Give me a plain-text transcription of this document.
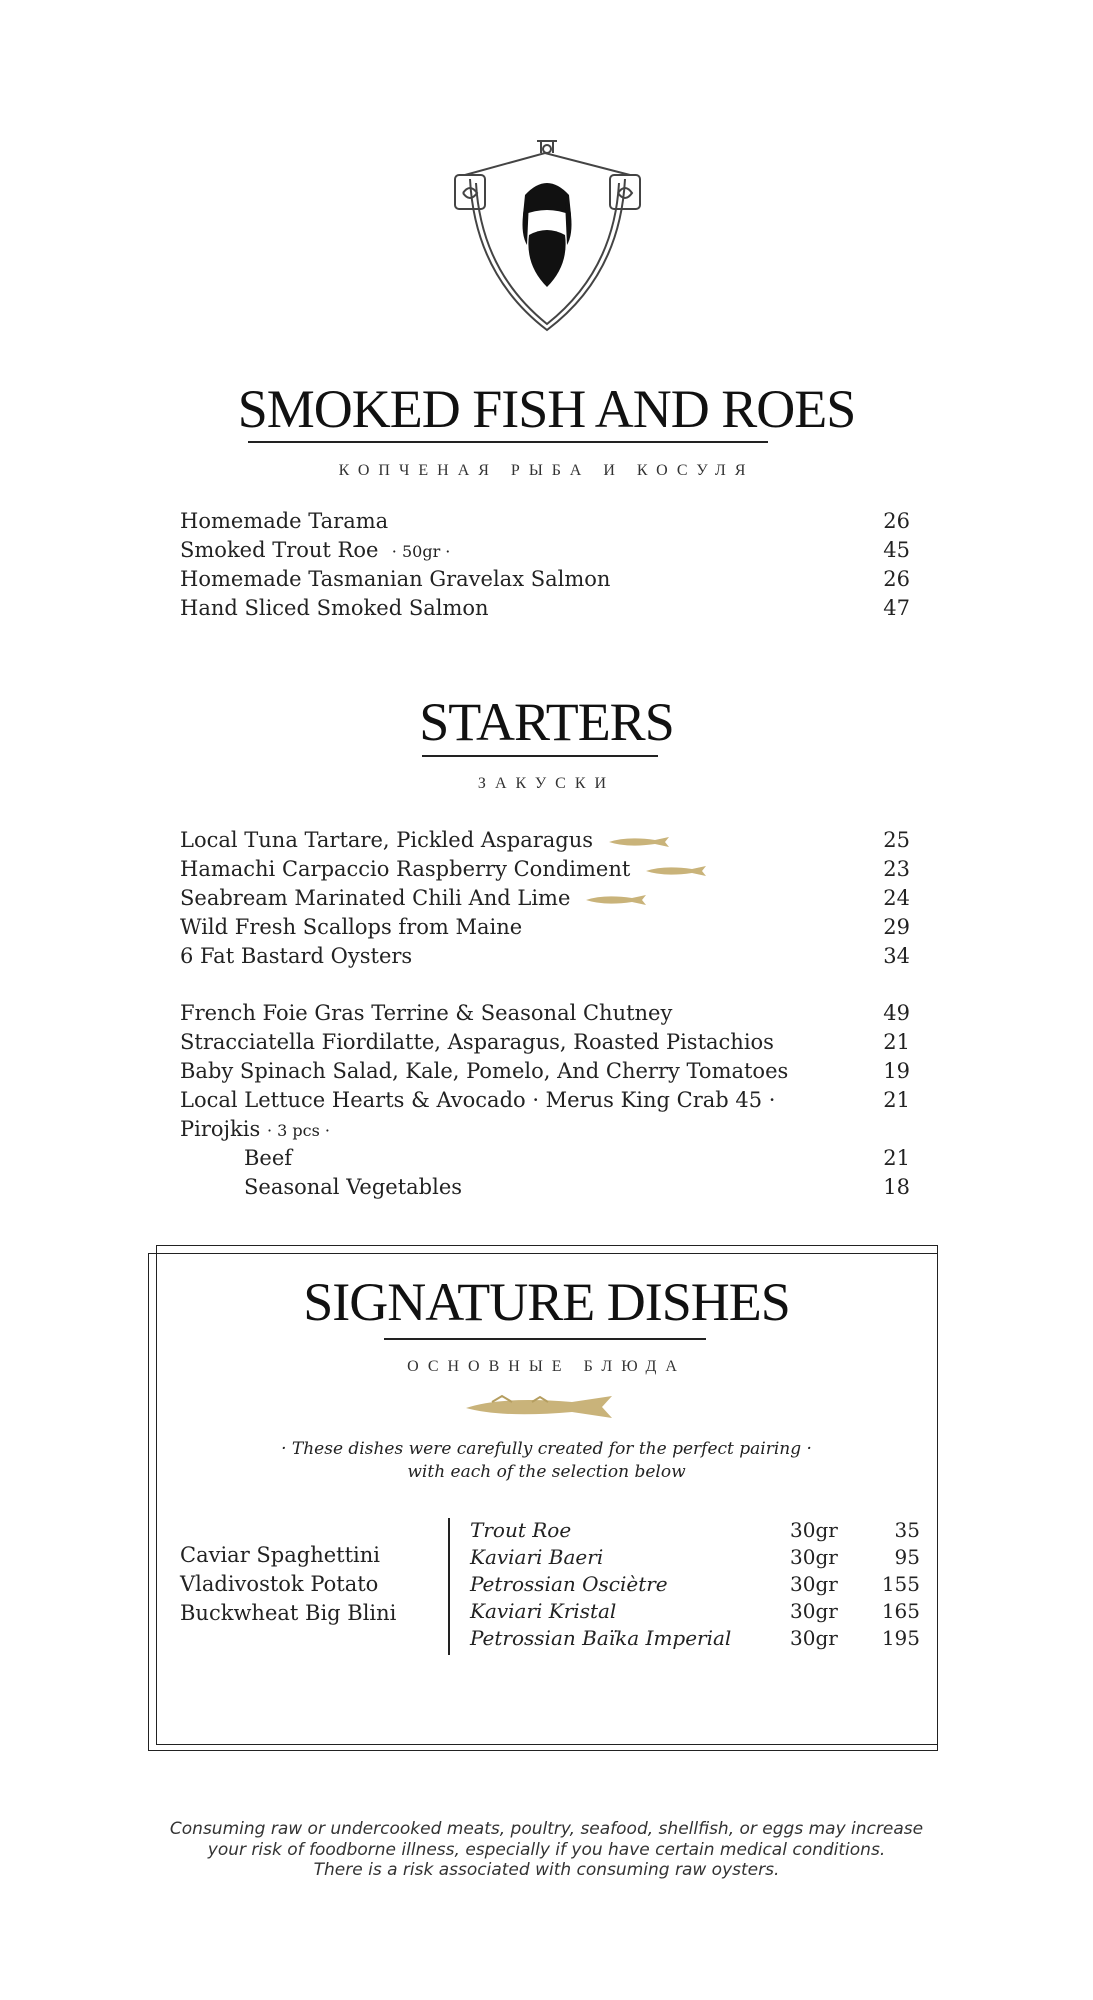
SMOKED FISH AND ROES
КОПЧЕНАЯ РЫБА И КОСУЛЯ
Homemade Tarama	26
Smoked Trout Roe · 50gr ·	45
Homemade Tasmanian Gravelax Salmon	26
Hand Sliced Smoked Salmon	47
STARTERS
ЗАКУСКИ
Local Tuna Tartare, Pickled Asparagus	25
Hamachi Carpaccio Raspberry Condiment	23
Seabream Marinated Chili And Lime	24
Wild Fresh Scallops from Maine	29
6 Fat Bastard Oysters	34
French Foie Gras Terrine & Seasonal Chutney	49
Stracciatella Fiordilatte, Asparagus, Roasted Pistachios	21
Baby Spinach Salad, Kale, Pomelo, And Cherry Tomatoes	19
Local Lettuce Hearts & Avocado · Merus King Crab 45 ·	21
Pirojkis · 3 pcs ·
Beef	21
Seasonal Vegetables	18
SIGNATURE DISHES
ОСНОВНЫЕ БЛЮДА
· These dishes were carefully created for the perfect pairing ·
with each of the selection below
Caviar Spaghettini
Vladivostok Potato
Buckwheat Big Blini
Trout Roe	30gr	35
Kaviari Baeri	30gr	95
Petrossian Osciètre	30gr 155
Kaviari Kristal	30gr 165
Petrossian Baïka Imperial	30gr 195
Consuming raw or undercooked meats, poultry, seafood, shellfish, or eggs may increase
your risk of foodborne illness, especially if you have certain medical conditions.
There is a risk associated with consuming raw oysters.
